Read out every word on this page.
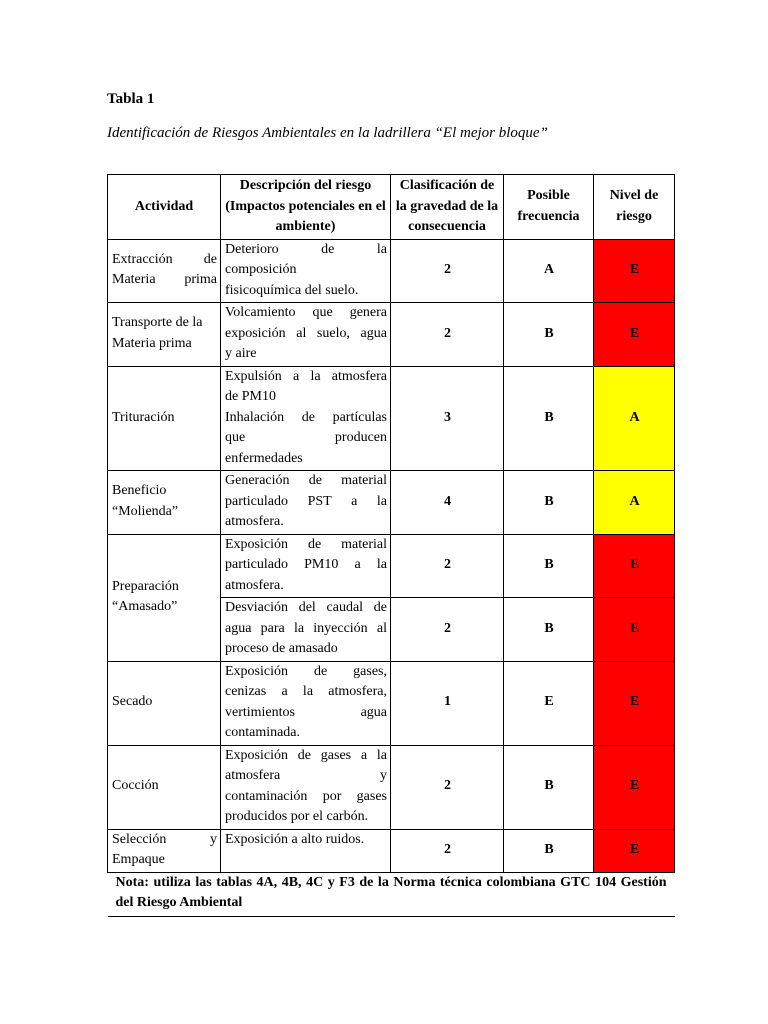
Tabla 1
Identificación de Riesgos Ambientales en la ladrillera “El mejor bloque”
Actividad	Descripción del riesgo (Impactos potenciales en el ambiente)	Clasificación de la gravedad de la consecuencia	Posible frecuencia	Nivel de riesgo
Extracción de Materia prima	Deterioro de la
composición
fisicoquímica del suelo.	2	A	E
Transporte de la Materia prima	Volcamiento que genera
exposición al suelo, agua
y aire	2	B	E
Trituración	Expulsión a la atmosfera
de PM10
Inhalación de partículas
que producen
enfermedades	3	B	A

Beneficio
“Molienda”	Generación de material
particulado PST a la
atmosfera.	4	B	A

Preparación
“Amasado”	Exposición de material
particulado PM10 a la
atmosfera.	2	B	E

	Desviación del caudal de
agua para la inyección al
proceso de amasado	2	B	E
Secado	Exposición de gases,
cenizas a la atmosfera,
vertimientos agua
contaminada.	1	E	E
Cocción	Exposición de gases a la
atmosfera y
contaminación por gases
producidos por el carbón.	2	B	E

Selección y
Empaque	Exposición a alto ruidos.	2	B	E
Nota: utiliza las tablas 4A, 4B, 4C y F3 de la Norma técnica colombiana GTC 104 Gestión del Riesgo Ambiental				
